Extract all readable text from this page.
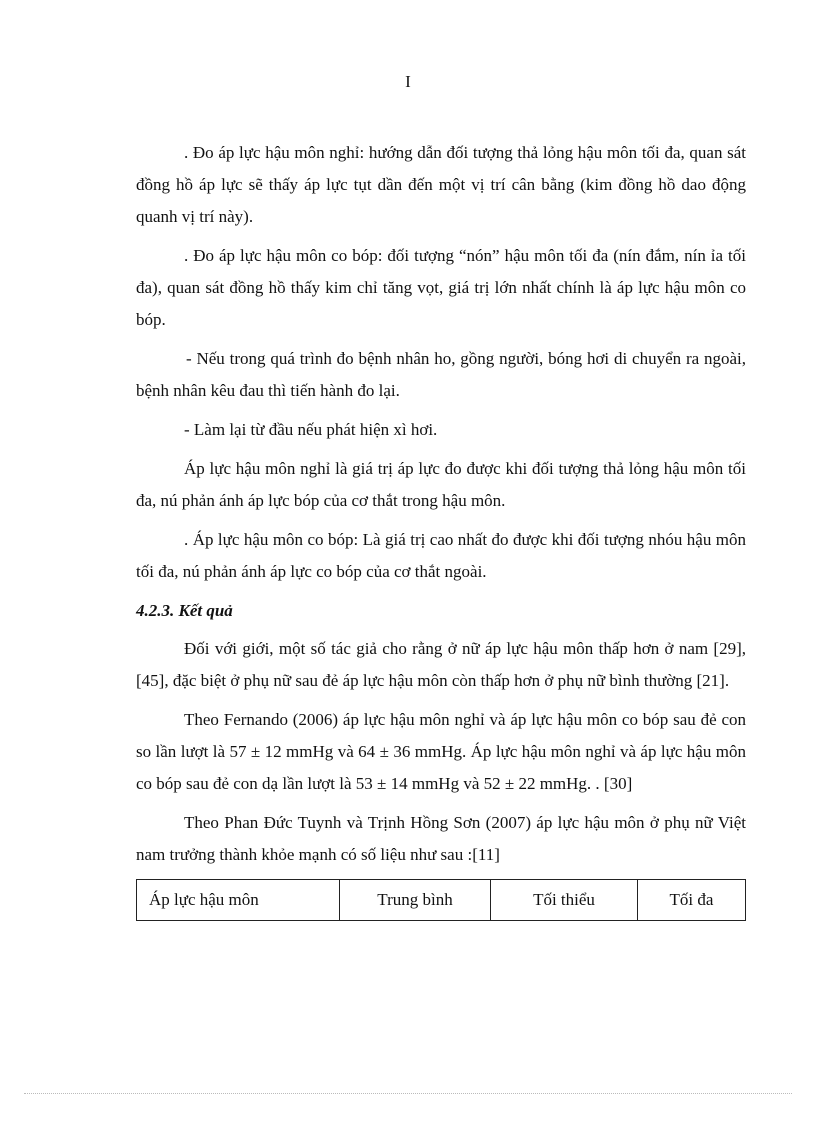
I

. Đo áp lực hậu môn nghỉ: hướng dẫn đối tượng thả lỏng hậu môn tối đa, quan sát đồng hồ áp lực sẽ thấy áp lực tụt dần đến một vị trí cân bằng (kim đồng hồ dao động quanh vị trí này).

. Đo áp lực hậu môn co bóp: đối tượng “nón” hậu môn tối đa (nín đắm, nín ỉa tối đa), quan sát đồng hồ thấy kim chỉ tăng vọt, giá trị lớn nhất chính là áp lực hậu môn co bóp.

- Nếu trong quá trình đo bệnh nhân ho, gồng người, bóng hơi di chuyển ra ngoài, bệnh nhân kêu đau thì tiến hành đo lại.

- Làm lại từ đầu nếu phát hiện xì hơi.

Áp lực hậu môn nghỉ là giá trị áp lực đo được khi đối tượng thả lỏng hậu môn tối đa, nú phản ánh áp lực bóp của cơ thắt trong hậu môn.

. Áp lực hậu môn co bóp: Là giá trị cao nhất đo được khi đối tượng nhóu hậu môn tối đa, nú phản ánh áp lực co bóp của cơ thắt ngoài.

4.2.3. Kết quả

Đối với giới, một số tác giả cho rằng ở nữ áp lực hậu môn thấp hơn ở nam [29], [45], đặc biệt ở phụ nữ sau đẻ áp lực hậu môn còn thấp hơn ở phụ nữ bình thường [21].

Theo Fernando (2006) áp lực hậu môn nghỉ và áp lực hậu môn co bóp sau đẻ con so lần lượt là 57 ± 12 mmHg và 64 ± 36 mmHg. Áp lực hậu môn nghỉ và áp lực hậu môn co bóp sau đẻ con dạ lần lượt là 53 ± 14 mmHg và 52 ± 22 mmHg. . [30]

Theo Phan Đức Tuynh và Trịnh Hồng Sơn (2007) áp lực hậu môn ở phụ nữ Việt nam trưởng thành khỏe mạnh có số liệu như sau :[11]

Áp lực hậu môn	Trung bình	Tối thiểu	Tối đa
